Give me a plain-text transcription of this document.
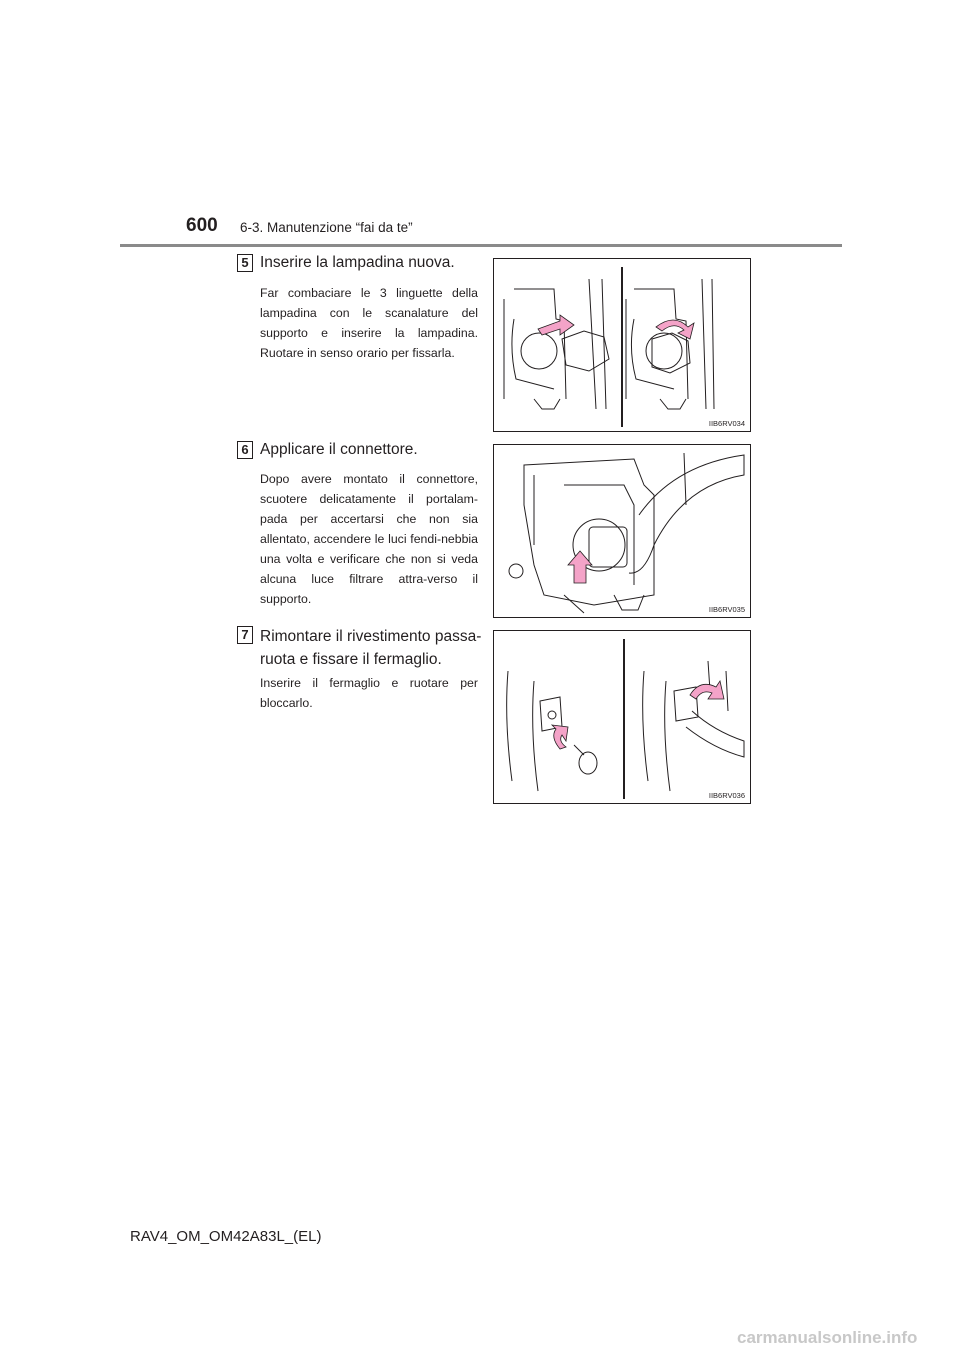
600 6-3. Manutenzione “fai da te”
5 Inserire la lampadina nuova.
Far combaciare le 3 linguette della lampadina con le scanalature del supporto e inserire la lampadina. Ruotare in senso orario per fissarla.
IIB6RV034
6 Applicare il connettore.
Dopo avere montato il connettore, scuotere delicatamente il portalam-pada per accertarsi che non sia allentato, accendere le luci fendi-nebbia una volta e verificare che non si veda alcuna luce filtrare attra-verso il supporto.
IIB6RV035
7 Rimontare il rivestimento passa-ruota e fissare il fermaglio.
Inserire il fermaglio e ruotare per bloccarlo.
IIB6RV036
RAV4_OM_OM42A83L_(EL)
carmanualsonline.info
